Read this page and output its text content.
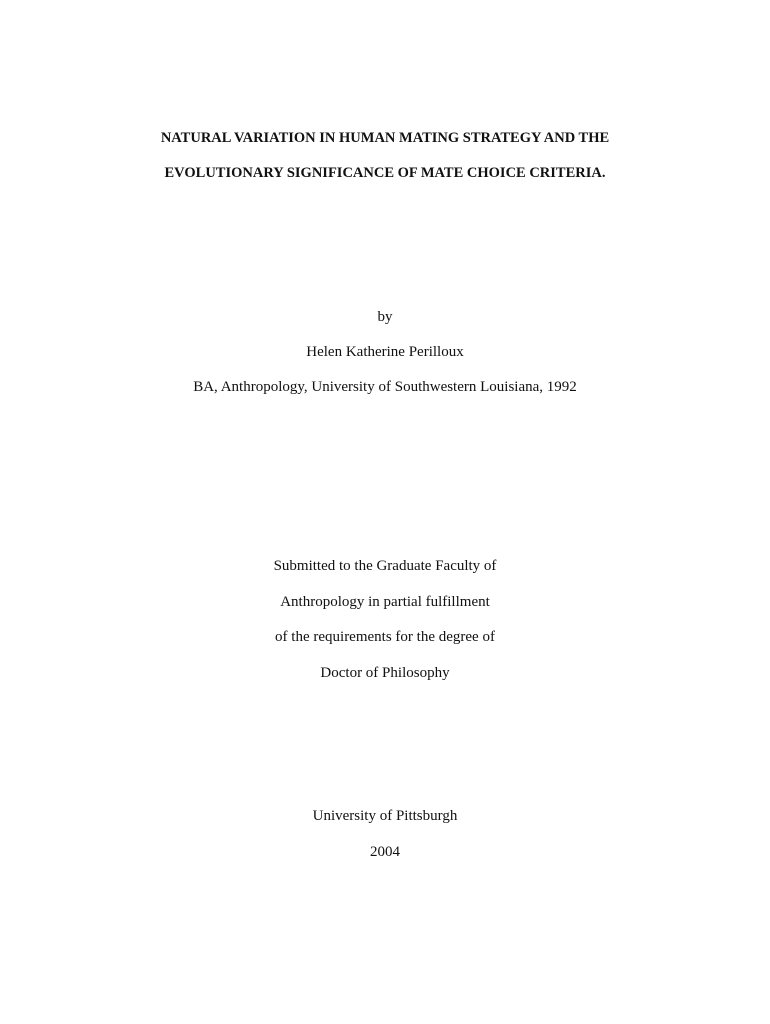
NATURAL VARIATION IN HUMAN MATING STRATEGY AND THE
EVOLUTIONARY SIGNIFICANCE OF MATE CHOICE CRITERIA.
by
Helen Katherine Perilloux
BA, Anthropology, University of Southwestern Louisiana, 1992
Submitted to the Graduate Faculty of
Anthropology in partial fulfillment
of the requirements for the degree of
Doctor of Philosophy
University of Pittsburgh
2004
